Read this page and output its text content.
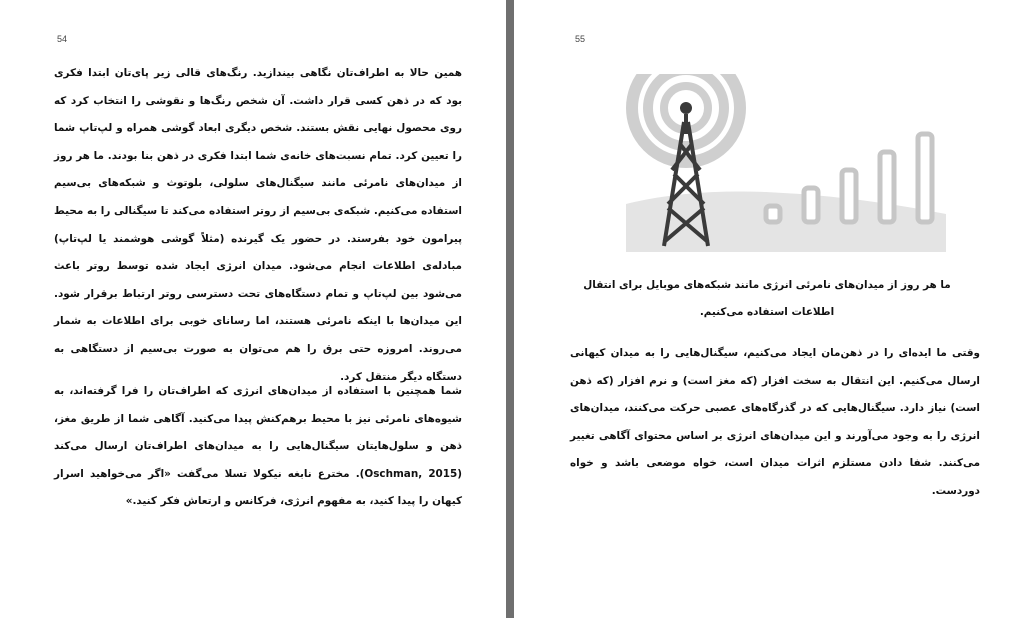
54

همین حالا به اطراف‌تان نگاهی بیندازید. رنگ‌های قالی زیر پای‌تان ابتدا فکری بود که در ذهن کسی قرار داشت. آن شخص رنگ‌ها و نقوشی را انتخاب کرد که روی محصول نهایی نقش بستند. شخص دیگری ابعاد گوشی همراه و لپ‌تاپ شما را تعیین کرد. تمام نسبت‌های خانه‌ی شما ابتدا فکری در ذهن بنا بودند. ما هر روز از میدان‌های نامرئی مانند سیگنال‌های سلولی، بلوتوث و شبکه‌های بی‌سیم استفاده می‌کنیم. شبکه‌ی بی‌سیم از روتر استفاده می‌کند تا سیگنالی را به محیط پیرامون خود بفرستد. در حضور یک گیرنده (مثلاً گوشی هوشمند یا لپ‌تاپ) مبادله‌ی اطلاعات انجام می‌شود. میدان انرژی ایجاد شده توسط روتر باعث می‌شود بین لپ‌تاپ و تمام دستگاه‌های تحت دسترسی روتر ارتباط برقرار شود. این میدان‌ها با اینکه نامرئی هستند، اما رسانای خوبی برای اطلاعات به شمار می‌روند. امروزه حتی برق را هم می‌توان به صورت بی‌سیم از دستگاهی به دستگاه دیگر منتقل کرد.

شما همچنین با استفاده از میدان‌های انرژی که اطراف‌تان را فرا گرفته‌اند، به شیوه‌های نامرئی نیز با محیط برهم‌کنش پیدا می‌کنید. آگاهی شما از طریق مغز، ذهن و سلول‌هایتان سیگنال‌هایی را به میدان‌های اطراف‌تان ارسال می‌کند (Oschman, 2015). مخترع نابغه نیکولا تسلا می‌گفت «اگر می‌خواهید اسرار کیهان را پیدا کنید، به مفهوم انرژی، فرکانس و ارتعاش فکر کنید.»

55

ما هر روز از میدان‌های نامرئی انرژی مانند شبکه‌های موبایل برای انتقال اطلاعات استفاده می‌کنیم.

وقتی ما ایده‌ای را در ذهن‌مان ایجاد می‌کنیم، سیگنال‌هایی را به میدان کیهانی ارسال می‌کنیم. این انتقال به سخت افزار (که مغز است) و نرم افزار (که ذهن است) نیاز دارد. سیگنال‌هایی که در گذرگاه‌های عصبی حرکت می‌کنند، میدان‌های انرژی را به وجود می‌آورند و این میدان‌های انرژی بر اساس محتوای آگاهی تغییر می‌کنند. شفا دادن مستلزم اثرات میدان است، خواه موضعی باشد و خواه دوردست.
